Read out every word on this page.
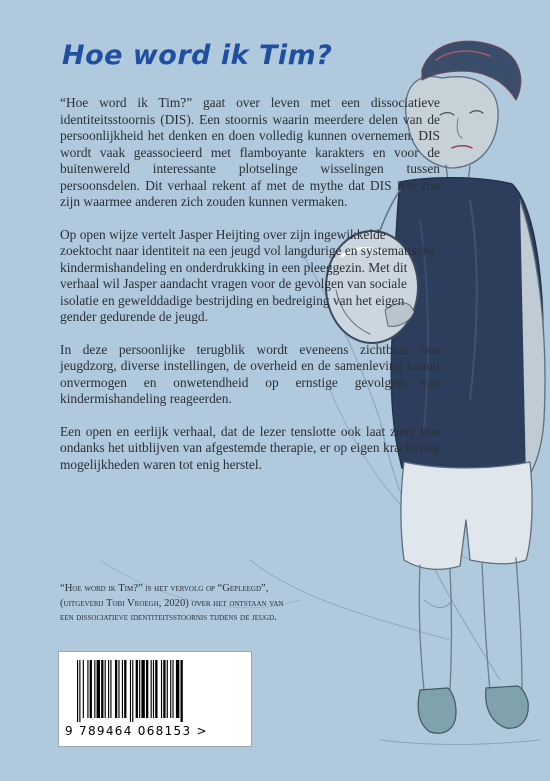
Hoe word ik Tim?

“Hoe word ik Tim?” gaat over leven met een dissociatieve identiteitsstoornis (DIS). Een stoornis waarin meerdere delen van de persoonlijkheid het denken en doen volledig kunnen overnemen. DIS wordt vaak geassocieerd met flamboyante karakters en voor de buitenwereld interessante plotselinge wisselingen tussen persoonsdelen. Dit verhaal rekent af met de mythe dat DIS iets zou zijn waarmee anderen zich zouden kunnen vermaken.

Op open wijze vertelt Jasper Heijting over zijn ingewikkelde zoektocht naar identiteit na een jeugd vol langdurige en systematische kindermishandeling en onderdrukking in een pleeggezin. Met dit verhaal wil Jasper aandacht vragen voor de gevolgen van sociale isolatie en gewelddadige bestrijding en bedreiging van het eigen gender gedurende de jeugd.

In deze persoonlijke terugblik wordt eveneens zichtbaar hoe jeugdzorg, diverse instellingen, de overheid en de samenleving vanuit onvermogen en onwetendheid op ernstige gevolgen van kindermishandeling reageerden.

Een open en eerlijk verhaal, dat de lezer tenslotte ook laat zien, hoe ondanks het uitblijven van afgestemde therapie, er op eigen kracht nog mogelijkheden waren tot enig herstel.

“Hoe word ik Tim?” is het vervolg op “Gepleegd”,
(uitgeverij Tobi Vroegh, 2020) over het ontstaan van
een dissociatieve identiteitsstoornis tijdens de jeugd.
9 789464 068153 >
